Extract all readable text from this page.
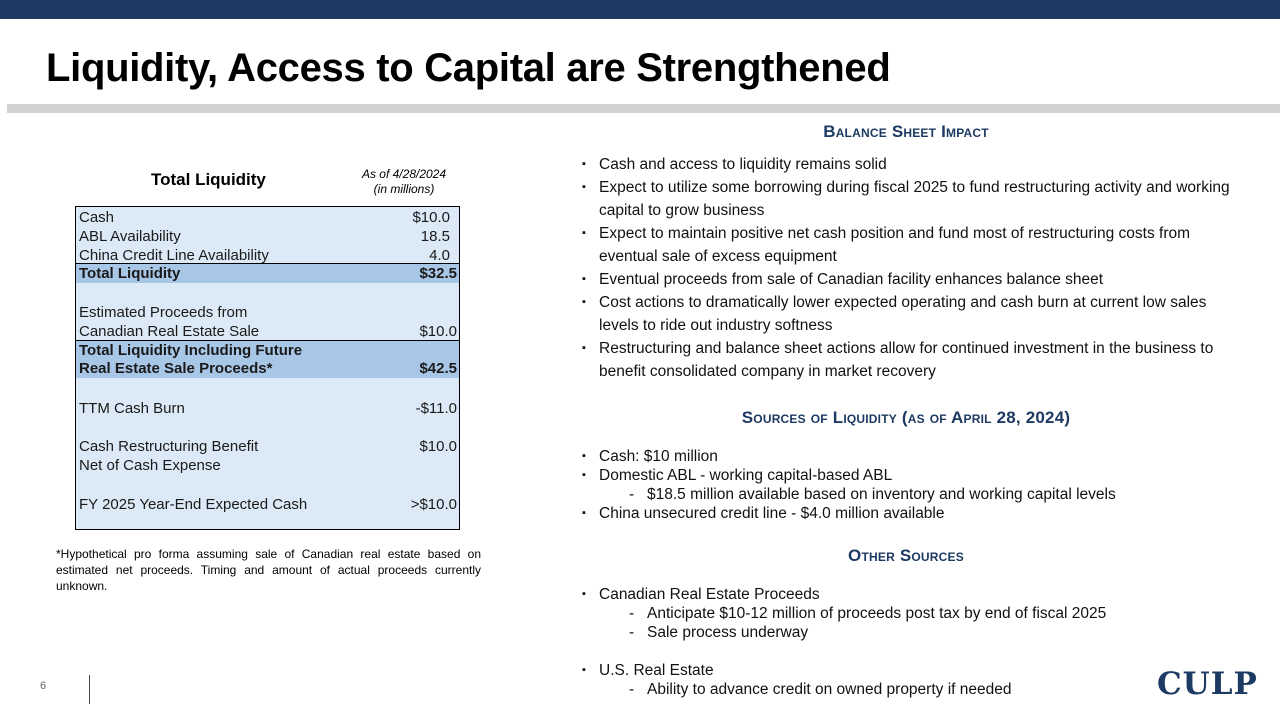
Liquidity, Access to Capital are Strengthened
Total Liquidity	As of 4/28/2024
(in millions)
Cash	$10.0
ABL Availability	18.5
China Credit Line Availability	4.0
Total Liquidity	$32.5
Estimated Proceeds from
Canadian Real Estate Sale	$10.0
Total Liquidity Including Future
Real Estate Sale Proceeds*	$42.5
TTM Cash Burn	-$11.0
Cash Restructuring Benefit	$10.0
Net of Cash Expense
FY 2025 Year-End Expected Cash	>$10.0
*Hypothetical pro forma assuming sale of Canadian real estate based on estimated net proceeds. Timing and amount of actual proceeds currently unknown.
Balance Sheet Impact
▪ Cash and access to liquidity remains solid
▪ Expect to utilize some borrowing during fiscal 2025 to fund restructuring activity and working capital to grow business
▪ Expect to maintain positive net cash position and fund most of restructuring costs from eventual sale of excess equipment
▪ Eventual proceeds from sale of Canadian facility enhances balance sheet
▪ Cost actions to dramatically lower expected operating and cash burn at current low sales levels to ride out industry softness
▪ Restructuring and balance sheet actions allow for continued investment in the business to benefit consolidated company in market recovery
Sources of Liquidity (as of April 28, 2024)
▪ Cash: $10 million
▪ Domestic ABL - working capital-based ABL
- $18.5 million available based on inventory and working capital levels
▪ China unsecured credit line - $4.0 million available
Other Sources
▪ Canadian Real Estate Proceeds
- Anticipate $10-12 million of proceeds post tax by end of fiscal 2025
- Sale process underway
▪ U.S. Real Estate
- Ability to advance credit on owned property if needed
6	CULP
